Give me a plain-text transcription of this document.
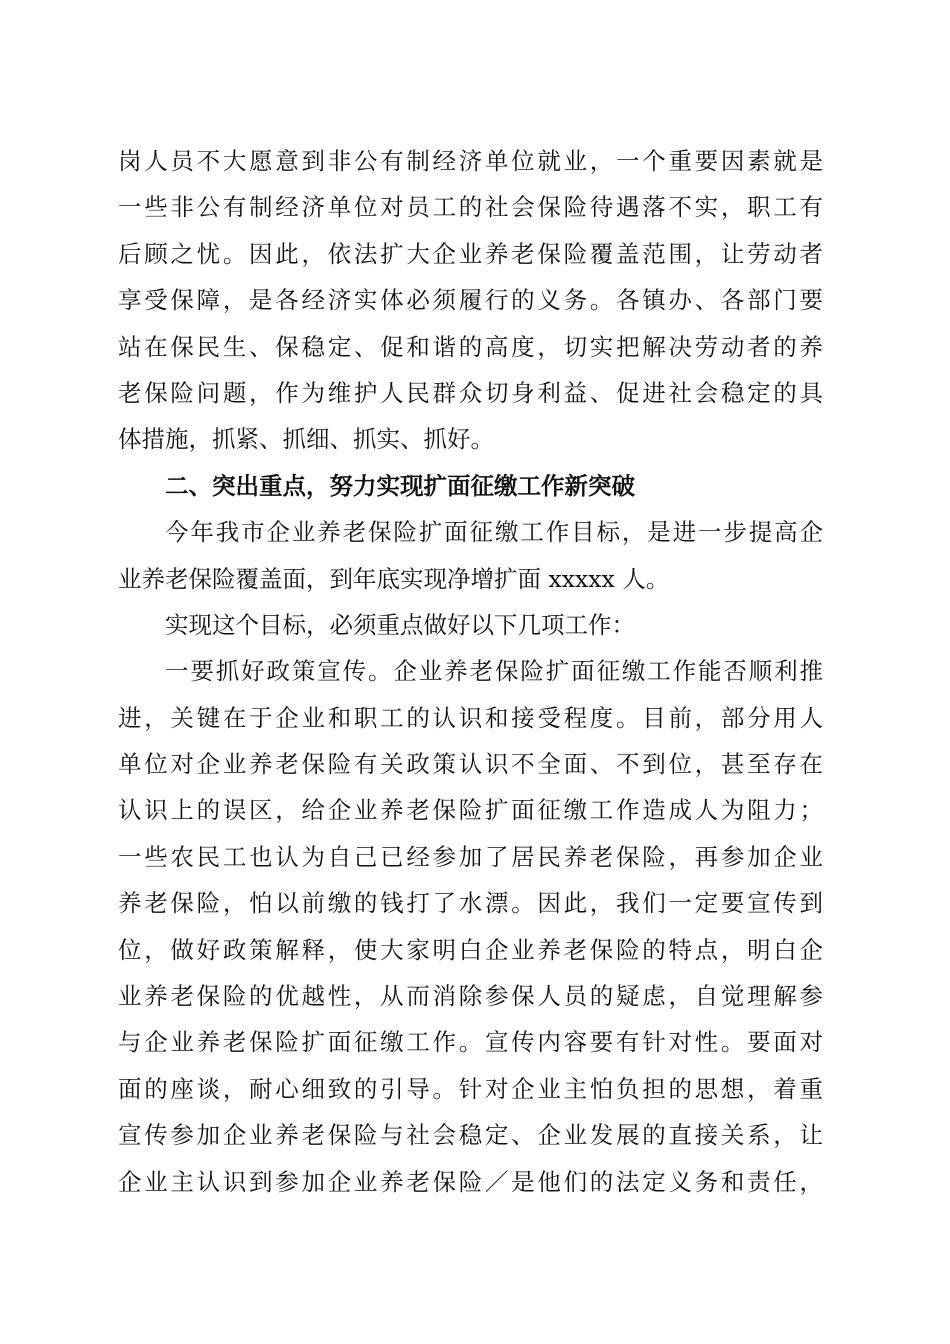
岗人员不大愿意到非公有制经济单位就业，一个重要因素就是
一些非公有制经济单位对员工的社会保险待遇落不实，职工有
后顾之忧。因此，依法扩大企业养老保险覆盖范围，让劳动者
享受保障，是各经济实体必须履行的义务。各镇办、各部门要
站在保民生、保稳定、促和谐的高度，切实把解决劳动者的养
老保险问题，作为维护人民群众切身利益、促进社会稳定的具
体措施，抓紧、抓细、抓实、抓好。
二、突出重点，努力实现扩面征缴工作新突破
今年我市企业养老保险扩面征缴工作目标，是进一步提高企
业养老保险覆盖面，到年底实现净增扩面 xxxxx 人。
实现这个目标，必须重点做好以下几项工作：
一要抓好政策宣传。企业养老保险扩面征缴工作能否顺利推
进，关键在于企业和职工的认识和接受程度。目前，部分用人
单位对企业养老保险有关政策认识不全面、不到位，甚至存在
认识上的误区，给企业养老保险扩面征缴工作造成人为阻力；
一些农民工也认为自己已经参加了居民养老保险，再参加企业
养老保险，怕以前缴的钱打了水漂。因此，我们一定要宣传到
位，做好政策解释，使大家明白企业养老保险的特点，明白企
业养老保险的优越性，从而消除参保人员的疑虑，自觉理解参
与企业养老保险扩面征缴工作。宣传内容要有针对性。要面对
面的座谈，耐心细致的引导。针对企业主怕负担的思想，着重
宣传参加企业养老保险与社会稳定、企业发展的直接关系，让
企业主认识到参加企业养老保险／是他们的法定义务和责任，
